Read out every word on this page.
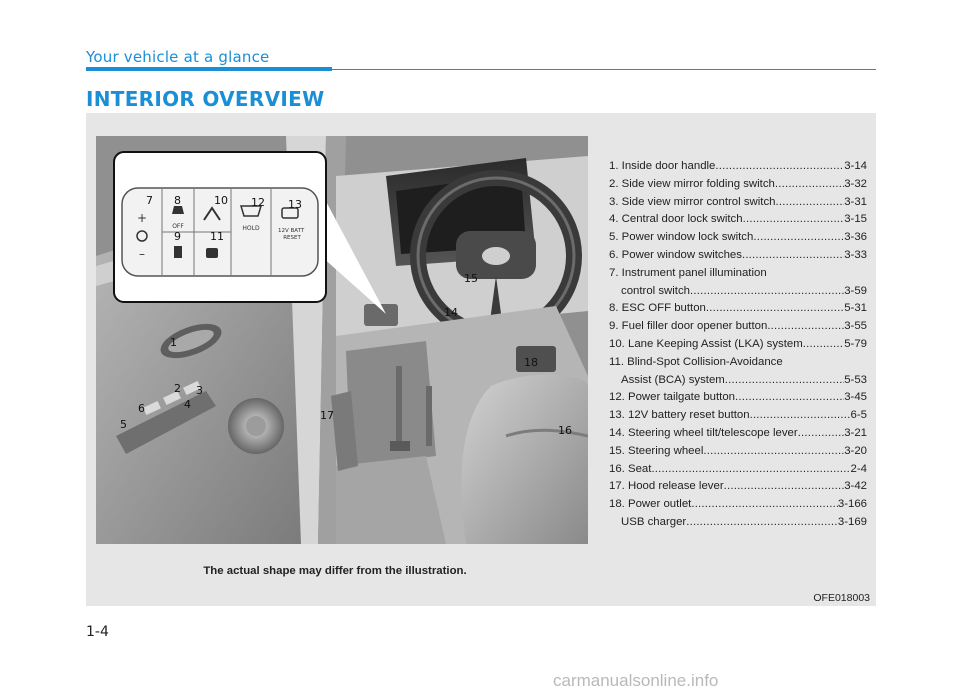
Your vehicle at a glance
INTERIOR OVERVIEW
+
–
OFF	HOLD	12V BATT RESET
7 8	10 12 13
9	11
1
2 3
4
6
5
14
15
16
17
18
1. Inside door handle .....	3-14
2. Side view mirror folding switch .....	3-32
3. Side view mirror control switch .....	3-31
4. Central door lock switch .....	3-15
5. Power window lock switch .....	3-36
6. Power window switches .....	3-33
7. Instrument panel illumination
control switch .....	3-59
8. ESC OFF button .....	5-31
9. Fuel filler door opener button .....	3-55
10. Lane Keeping Assist (LKA) system .....	5-79
11. Blind-Spot Collision-Avoidance
Assist (BCA) system .....	5-53
12. Power tailgate button .....	3-45
13. 12V battery reset button .....	6-5
14. Steering wheel tilt/telescope lever .....	3-21
15. Steering wheel .....	3-20
16. Seat .....	2-4
17. Hood release lever .....	3-42
18. Power outlet .....	3-166
USB charger .....	3-169
The actual shape may differ from the illustration.
OFE018003
1-4
carmanualsonline.info
